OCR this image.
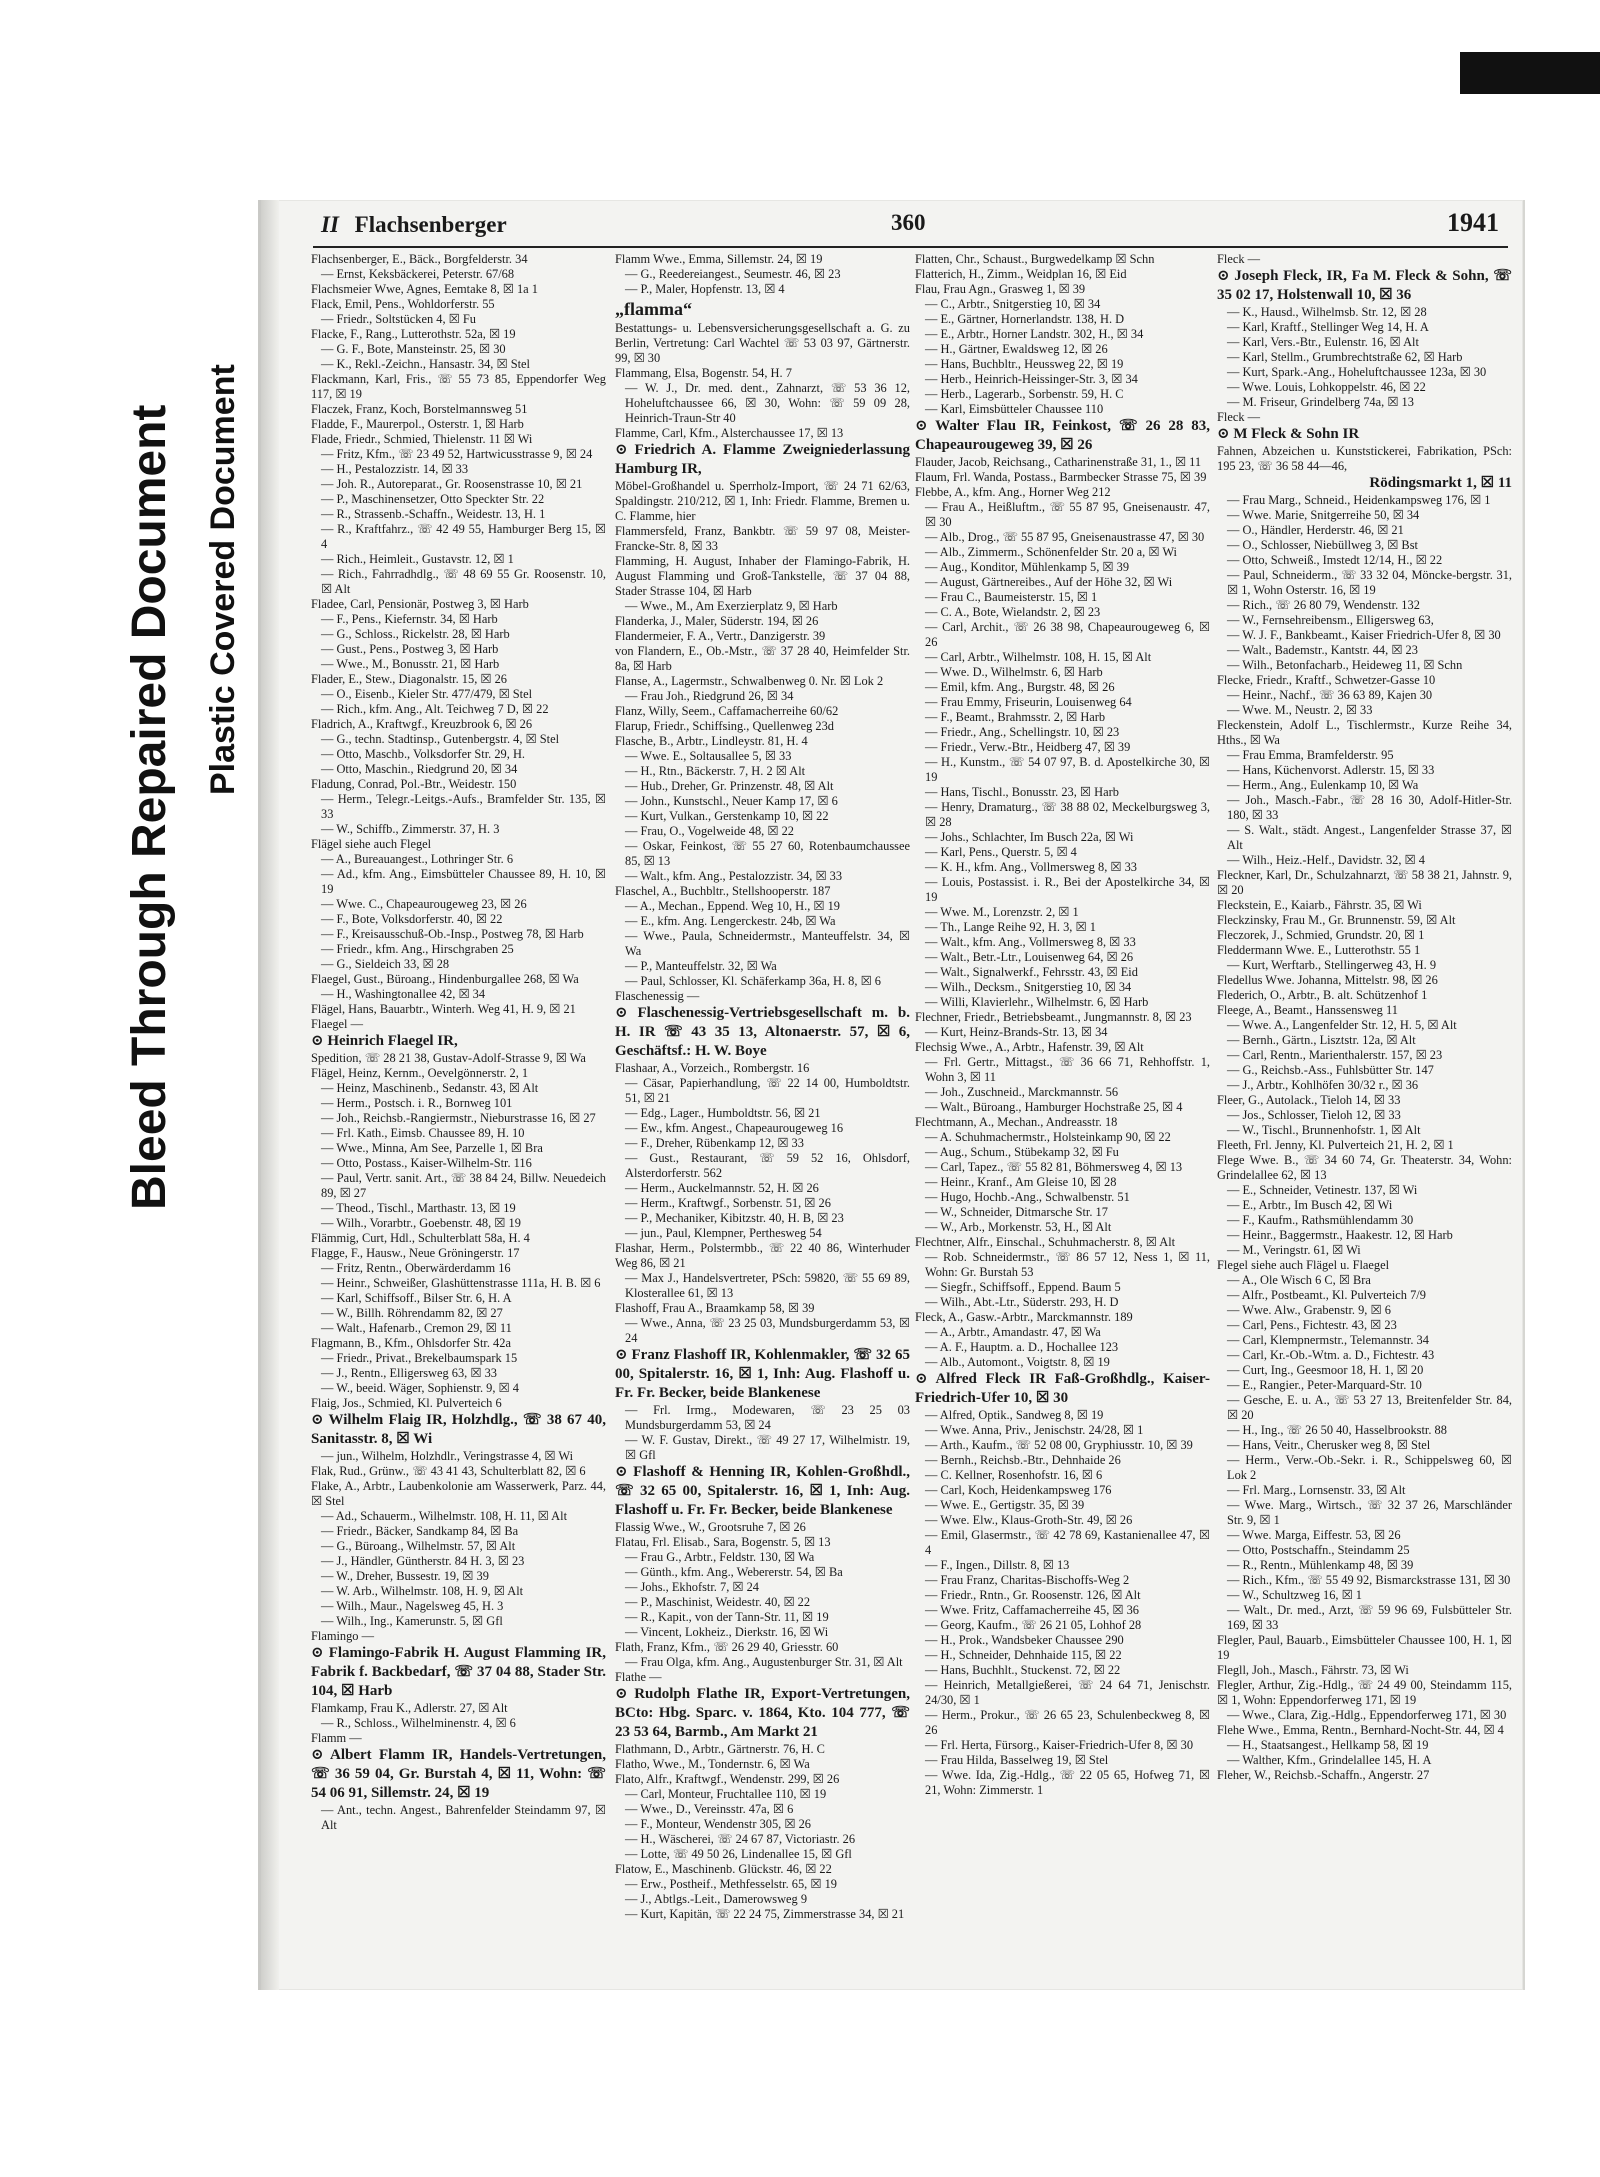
Bleed Through Repaired Document Plastic Covered Document
II Flachsenberger	360	1941

Flachsenberger, E., Bäck., Borgfelderstr. 34

— Ernst, Keksbäckerei, Peterstr. 67/68

Flachsmeier Wwe, Agnes, Eemtake 8, ☒ 1a 1

Flack, Emil, Pens., Wohldorferstr. 55

— Friedr., Soltstücken 4, ☒ Fu

Flacke, F., Rang., Lutterothstr. 52a, ☒ 19

— G. F., Bote, Mansteinstr. 25, ☒ 30

— K., Rekl.-Zeichn., Hansastr. 34, ☒ Stel

Flackmann, Karl, Fris., ☏ 55 73 85, Eppendorfer Weg 117, ☒ 19

Flaczek, Franz, Koch, Borstelmannsweg 51

Fladde, F., Maurerpol., Osterstr. 1, ☒ Harb

Flade, Friedr., Schmied, Thielenstr. 11 ☒ Wi

— Fritz, Kfm., ☏ 23 49 52, Hartwicusstrasse 9, ☒ 24

— H., Pestalozzistr. 14, ☒ 33

— Joh. R., Autoreparat., Gr. Roosenstrasse 10, ☒ 21

— P., Maschinensetzer, Otto Speckter Str. 22

— R., Strassenb.-Schaffn., Weidestr. 13, H. 1

— R., Kraftfahrz., ☏ 42 49 55, Hamburger Berg 15, ☒ 4

— Rich., Heimleit., Gustavstr. 12, ☒ 1

— Rich., Fahrradhdlg., ☏ 48 69 55 Gr. Roosenstr. 10, ☒ Alt

Fladee, Carl, Pensionär, Postweg 3, ☒ Harb

— F., Pens., Kiefernstr. 34, ☒ Harb

— G., Schloss., Rickelstr. 28, ☒ Harb

— Gust., Pens., Postweg 3, ☒ Harb

— Wwe., M., Bonusstr. 21, ☒ Harb

Flader, E., Stew., Diagonalstr. 15, ☒ 26

— O., Eisenb., Kieler Str. 477/479, ☒ Stel

— Rich., kfm. Ang., Alt. Teichweg 7 D, ☒ 22

Fladrich, A., Kraftwgf., Kreuzbrook 6, ☒ 26

— G., techn. Stadtinsp., Gutenbergstr. 4, ☒ Stel

— Otto, Maschb., Volksdorfer Str. 29, H.

— Otto, Maschin., Riedgrund 20, ☒ 34

Fladung, Conrad, Pol.-Btr., Weidestr. 150

— Herm., Telegr.-Leitgs.-Aufs., Bramfelder Str. 135, ☒ 33

— W., Schiffb., Zimmerstr. 37, H. 3

Flägel siehe auch Flegel

— A., Bureauangest., Lothringer Str. 6

— Ad., kfm. Ang., Eimsbütteler Chaussee 89, H. 10, ☒ 19

— Wwe. C., Chapeaurougeweg 23, ☒ 26

— F., Bote, Volksdorferstr. 40, ☒ 22

— F., Kreisausschuß-Ob.-Insp., Postweg 78, ☒ Harb

— Friedr., kfm. Ang., Hirschgraben 25

— G., Sieldeich 33, ☒ 28

Flaegel, Gust., Büroang., Hindenburgallee 268, ☒ Wa

— H., Washingtonallee 42, ☒ 34

Flägel, Hans, Bauarbtr., Winterh. Weg 41, H. 9, ☒ 21

Flaegel —

⊙ Heinrich Flaegel IR,

Spedition, ☏ 28 21 38, Gustav-Adolf-Strasse 9, ☒ Wa

Flägel, Heinz, Kernm., Oevelgönnerstr. 2, 1

— Heinz, Maschinenb., Sedanstr. 43, ☒ Alt

— Herm., Postsch. i. R., Bornweg 101

— Joh., Reichsb.-Rangiermstr., Nieburstrasse 16, ☒ 27

— Frl. Kath., Eimsb. Chaussee 89, H. 10

— Wwe., Minna, Am See, Parzelle 1, ☒ Bra

— Otto, Postass., Kaiser-Wilhelm-Str. 116

— Paul, Vertr. sanit. Art., ☏ 38 84 24, Billw. Neuedeich 89, ☒ 27

— Theod., Tischl., Marthastr. 13, ☒ 19

— Wilh., Vorarbtr., Goebenstr. 48, ☒ 19

Flämmig, Curt, Hdl., Schulterblatt 58a, H. 4

Flagge, F., Hausw., Neue Gröningerstr. 17

— Fritz, Rentn., Oberwärderdamm 16

— Heinr., Schweißer, Glashüttenstrasse 111a, H. B. ☒ 6

— Karl, Schiffsoff., Bilser Str. 6, H. A

— W., Billh. Röhrendamm 82, ☒ 27

— Walt., Hafenarb., Cremon 29, ☒ 11

Flagmann, B., Kfm., Ohlsdorfer Str. 42a

— Friedr., Privat., Brekelbaumspark 15

— J., Rentn., Elligersweg 63, ☒ 33

— W., beeid. Wäger, Sophienstr. 9, ☒ 4

Flaig, Jos., Schmied, Kl. Pulverteich 6

⊙ Wilhelm Flaig IR, Holzhdlg., ☏ 38 67 40, Sanitasstr. 8, ☒ Wi

— jun., Wilhelm, Holzhdlr., Veringstrasse 4, ☒ Wi

Flak, Rud., Grünw., ☏ 43 41 43, Schulterblatt 82, ☒ 6

Flake, A., Arbtr., Laubenkolonie am Wasserwerk, Parz. 44, ☒ Stel

— Ad., Schauerm., Wilhelmstr. 108, H. 11, ☒ Alt

— Friedr., Bäcker, Sandkamp 84, ☒ Ba

— G., Büroang., Wilhelmstr. 57, ☒ Alt

— J., Händler, Güntherstr. 84 H. 3, ☒ 23

— W., Dreher, Bussestr. 19, ☒ 39

— W. Arb., Wilhelmstr. 108, H. 9, ☒ Alt

— Wilh., Maur., Nagelsweg 45, H. 3

— Wilh., Ing., Kamerunstr. 5, ☒ Gfl

Flamingo —

⊙ Flamingo-Fabrik H. August Flamming IR, Fabrik f. Backbedarf, ☏ 37 04 88, Stader Str. 104, ☒ Harb

Flamkamp, Frau K., Adlerstr. 27, ☒ Alt

— R., Schloss., Wilhelminenstr. 4, ☒ 6

Flamm —

⊙ Albert Flamm IR, Handels-Vertretungen, ☏ 36 59 04, Gr. Burstah 4, ☒ 11, Wohn: ☏ 54 06 91, Sillemstr. 24, ☒ 19

— Ant., techn. Angest., Bahrenfelder Steindamm 97, ☒ Alt

Flamm Wwe., Emma, Sillemstr. 24, ☒ 19

— G., Reedereiangest., Seumestr. 46, ☒ 23

— P., Maler, Hopfenstr. 13, ☒ 4

„flamma“

Bestattungs- u. Lebensversicherungsgesellschaft a. G. zu Berlin, Vertretung: Carl Wachtel ☏ 53 03 97, Gärtnerstr. 99, ☒ 30

Flammang, Elsa, Bogenstr. 54, H. 7

— W. J., Dr. med. dent., Zahnarzt, ☏ 53 36 12, Hoheluftchaussee 66, ☒ 30, Wohn: ☏ 59 09 28, Heinrich-Traun-Str 40

Flamme, Carl, Kfm., Alsterchaussee 17, ☒ 13

⊙ Friedrich A. Flamme Zweigniederlassung Hamburg IR,

Möbel-Großhandel u. Sperrholz-Import, ☏ 24 71 62/63, Spaldingstr. 210/212, ☒ 1, Inh: Friedr. Flamme, Bremen u. C. Flamme, hier

Flammersfeld, Franz, Bankbtr. ☏ 59 97 08, Meister-Francke-Str. 8, ☒ 33

Flamming, H. August, Inhaber der Flamingo-Fabrik, H. August Flamming und Groß-Tankstelle, ☏ 37 04 88, Stader Strasse 104, ☒ Harb

— Wwe., M., Am Exerzierplatz 9, ☒ Harb

Flanderka, J., Maler, Süderstr. 194, ☒ 26

Flandermeier, F. A., Vertr., Danzigerstr. 39

von Flandern, E., Ob.-Mstr., ☏ 37 28 40, Heimfelder Str. 8a, ☒ Harb

Flanse, A., Lagermstr., Schwalbenweg 0. Nr. ☒ Lok 2

— Frau Joh., Riedgrund 26, ☒ 34

Flanz, Willy, Seem., Caffamacherreihe 60/62

Flarup, Friedr., Schiffsing., Quellenweg 23d

Flasche, B., Arbtr., Lindleystr. 81, H. 4

— Wwe. E., Soltausallee 5, ☒ 33

— H., Rtn., Bäckerstr. 7, H. 2 ☒ Alt

— Hub., Dreher, Gr. Prinzenstr. 48, ☒ Alt

— John., Kunstschl., Neuer Kamp 17, ☒ 6

— Kurt, Vulkan., Gerstenkamp 10, ☒ 22

— Frau, O., Vogelweide 48, ☒ 22

— Oskar, Feinkost, ☏ 55 27 60, Rotenbaumchaussee 85, ☒ 13

— Walt., kfm. Ang., Pestalozzistr. 34, ☒ 33

Flaschel, A., Buchbltr., Stellshooperstr. 187

— A., Mechan., Eppend. Weg 10, H., ☒ 19

— E., kfm. Ang. Lengerckestr. 24b, ☒ Wa

— Wwe., Paula, Schneidermstr., Manteuffelstr. 34, ☒ Wa

— P., Manteuffelstr. 32, ☒ Wa

— Paul, Schlosser, Kl. Schäferkamp 36a, H. 8, ☒ 6

Flaschenessig —

⊙ Flaschenessig-Vertriebsgesellschaft m. b. H. IR ☏ 43 35 13, Altonaerstr. 57, ☒ 6, Geschäftsf.: H. W. Boye

Flashaar, A., Vorzeich., Rombergstr. 16

— Cäsar, Papierhandlung, ☏ 22 14 00, Humboldtstr. 51, ☒ 21

— Edg., Lager., Humboldtstr. 56, ☒ 21

— Ew., kfm. Angest., Chapeaurougeweg 16

— F., Dreher, Rübenkamp 12, ☒ 33

— Gust., Restaurant, ☏ 59 52 16, Ohlsdorf, Alsterdorferstr. 562

— Herm., Auckelmannstr. 52, H. ☒ 26

— Herm., Kraftwgf., Sorbenstr. 51, ☒ 26

— P., Mechaniker, Kibitzstr. 40, H. B, ☒ 23

— jun., Paul, Klempner, Perthesweg 54

Flashar, Herm., Polstermbb., ☏ 22 40 86, Winterhuder Weg 86, ☒ 21

— Max J., Handelsvertreter, PSch: 59820, ☏ 55 69 89, Klosterallee 61, ☒ 13

Flashoff, Frau A., Braamkamp 58, ☒ 39

— Wwe., Anna, ☏ 23 25 03, Mundsburgerdamm 53, ☒ 24

⊙ Franz Flashoff IR, Kohlenmakler, ☏ 32 65 00, Spitalerstr. 16, ☒ 1, Inh: Aug. Flashoff u. Fr. Fr. Becker, beide Blankenese

— Frl. Irmg., Modewaren, ☏ 23 25 03 Mundsburgerdamm 53, ☒ 24

— W. F. Gustav, Direkt., ☏ 49 27 17, Wilhelmistr. 19, ☒ Gfl

⊙ Flashoff & Henning IR, Kohlen-Großhdl., ☏ 32 65 00, Spitalerstr. 16, ☒ 1, Inh: Aug. Flashoff u. Fr. Fr. Becker, beide Blankenese

Flassig Wwe., W., Grootsruhe 7, ☒ 26

Flatau, Frl. Elisab., Sara, Bogenstr. 5, ☒ 13

— Frau G., Arbtr., Feldstr. 130, ☒ Wa

— Günth., kfm. Ang., Webererstr. 54, ☒ Ba

— Johs., Ekhofstr. 7, ☒ 24

— P., Maschinist, Weidestr. 40, ☒ 22

— R., Kapit., von der Tann-Str. 11, ☒ 19

— Vincent, Lokheiz., Dierkstr. 16, ☒ Wi

Flath, Franz, Kfm., ☏ 26 29 40, Griesstr. 60

— Frau Olga, kfm. Ang., Augustenburger Str. 31, ☒ Alt

Flathe —

⊙ Rudolph Flathe IR, Export-Vertretungen, BCto: Hbg. Sparc. v. 1864, Kto. 104 777, ☏ 23 53 64, Barmb., Am Markt 21

Flathmann, D., Arbtr., Gärtnerstr. 76, H. C

Flatho, Wwe., M., Tondernstr. 6, ☒ Wa

Flato, Alfr., Kraftwgf., Wendenstr. 299, ☒ 26

— Carl, Monteur, Fruchtallee 110, ☒ 19

— Wwe., D., Vereinsstr. 47a, ☒ 6

— F., Monteur, Wendenstr 305, ☒ 26

— H., Wäscherei, ☏ 24 67 87, Victoriastr. 26

— Lotte, ☏ 49 50 26, Lindenallee 15, ☒ Gfl

Flatow, E., Maschinenb. Glückstr. 46, ☒ 22

— Erw., Postheif., Methfesselstr. 65, ☒ 19

— J., Abtlgs.-Leit., Damerowsweg 9

— Kurt, Kapitän, ☏ 22 24 75, Zimmerstrasse 34, ☒ 21

Flatten, Chr., Schaust., Burgwedelkamp ☒ Schn

Flatterich, H., Zimm., Weidplan 16, ☒ Eid

Flau, Frau Agn., Grasweg 1, ☒ 39

— C., Arbtr., Snitgerstieg 10, ☒ 34

— E., Gärtner, Hornerlandstr. 138, H. D

— E., Arbtr., Horner Landstr. 302, H., ☒ 34

— H., Gärtner, Ewaldsweg 12, ☒ 26

— Hans, Buchbltr., Heussweg 22, ☒ 19

— Herb., Heinrich-Heissinger-Str. 3, ☒ 34

— Herb., Lagerarb., Sorbenstr. 59, H. C

— Karl, Eimsbütteler Chaussee 110

⊙ Walter Flau IR, Feinkost, ☏ 26 28 83, Chapeaurougeweg 39, ☒ 26

Flauder, Jacob, Reichsang., Catharinenstraße 31, 1., ☒ 11

Flaum, Frl. Wanda, Postass., Barmbecker Strasse 75, ☒ 39

Flebbe, A., kfm. Ang., Horner Weg 212

— Frau A., Heißluftm., ☏ 55 87 95, Gneisenaustr. 47, ☒ 30

— Alb., Drog., ☏ 55 87 95, Gneisenaustrasse 47, ☒ 30

— Alb., Zimmerm., Schönenfelder Str. 20 a, ☒ Wi

— Aug., Konditor, Mühlenkamp 5, ☒ 39

— August, Gärtnereibes., Auf der Höhe 32, ☒ Wi

— Frau C., Baumeisterstr. 15, ☒ 1

— C. A., Bote, Wielandstr. 2, ☒ 23

— Carl, Archit., ☏ 26 38 98, Chapeaurougeweg 6, ☒ 26

— Carl, Arbtr., Wilhelmstr. 108, H. 15, ☒ Alt

— Wwe. D., Wilhelmstr. 6, ☒ Harb

— Emil, kfm. Ang., Burgstr. 48, ☒ 26

— Frau Emmy, Friseurin, Louisenweg 64

— F., Beamt., Brahmsstr. 2, ☒ Harb

— Friedr., Ang., Schellingstr. 10, ☒ 23

— Friedr., Verw.-Btr., Heidberg 47, ☒ 39

— H., Kunstm., ☏ 54 07 97, B. d. Apostelkirche 30, ☒ 19

— Hans, Tischl., Bonusstr. 23, ☒ Harb

— Henry, Dramaturg., ☏ 38 88 02, Meckelburgsweg 3, ☒ 28

— Johs., Schlachter, Im Busch 22a, ☒ Wi

— Karl, Pens., Querstr. 5, ☒ 4

— K. H., kfm. Ang., Vollmersweg 8, ☒ 33

— Louis, Postassist. i. R., Bei der Apostelkirche 34, ☒ 19

— Wwe. M., Lorenzstr. 2, ☒ 1

— Th., Lange Reihe 92, H. 3, ☒ 1

— Walt., kfm. Ang., Vollmersweg 8, ☒ 33

— Walt., Betr.-Ltr., Louisenweg 64, ☒ 26

— Walt., Signalwerkf., Fehrsstr. 43, ☒ Eid

— Wilh., Decksm., Snitgerstieg 10, ☒ 34

— Willi, Klavierlehr., Wilhelmstr. 6, ☒ Harb

Flechner, Friedr., Betriebsbeamt., Jungmannstr. 8, ☒ 23

— Kurt, Heinz-Brands-Str. 13, ☒ 34

Flechsig Wwe., A., Arbtr., Hafenstr. 39, ☒ Alt

— Frl. Gertr., Mittagst., ☏ 36 66 71, Rehhoffstr. 1, Wohn 3, ☒ 11

— Joh., Zuschneid., Marckmannstr. 56

— Walt., Büroang., Hamburger Hochstraße 25, ☒ 4

Flechtmann, A., Mechan., Andreasstr. 18

— A. Schuhmachermstr., Holsteinkamp 90, ☒ 22

— Aug., Schum., Stübekamp 32, ☒ Fu

— Carl, Tapez., ☏ 55 82 81, Böhmersweg 4, ☒ 13

— Heinr., Kranf., Am Gleise 10, ☒ 28

— Hugo, Hochb.-Ang., Schwalbenstr. 51

— W., Schneider, Ditmarsche Str. 17

— W., Arb., Morkenstr. 53, H., ☒ Alt

Flechtner, Alfr., Einschal., Schuhmacherstr. 8, ☒ Alt

— Rob. Schneidermstr., ☏ 86 57 12, Ness 1, ☒ 11, Wohn: Gr. Burstah 53

— Siegfr., Schiffsoff., Eppend. Baum 5

— Wilh., Abt.-Ltr., Süderstr. 293, H. D

Fleck, A., Gasw.-Arbtr., Marckmannstr. 189

— A., Arbtr., Amandastr. 47, ☒ Wa

— A. F., Hauptm. a. D., Hochallee 123

— Alb., Automont., Voigtstr. 8, ☒ 19

⊙ Alfred Fleck IR Faß-Großhdlg., Kaiser-Friedrich-Ufer 10, ☒ 30

— Alfred, Optik., Sandweg 8, ☒ 19

— Wwe. Anna, Priv., Jenischstr. 24/28, ☒ 1

— Arth., Kaufm., ☏ 52 08 00, Gryphiusstr. 10, ☒ 39

— Bernh., Reichsb.-Btr., Dehnhaide 26

— C. Kellner, Rosenhofstr. 16, ☒ 6

— Carl, Koch, Heidenkampsweg 176

— Wwe. E., Gertigstr. 35, ☒ 39

— Wwe. Elw., Klaus-Groth-Str. 49, ☒ 26

— Emil, Glasermstr., ☏ 42 78 69, Kastanienallee 47, ☒ 4

— F., Ingen., Dillstr. 8, ☒ 13

— Frau Franz, Charitas-Bischoffs-Weg 2

— Friedr., Rntn., Gr. Roosenstr. 126, ☒ Alt

— Wwe. Fritz, Caffamacherreihe 45, ☒ 36

— Georg, Kaufm., ☏ 26 21 05, Lohhof 28

— H., Prok., Wandsbeker Chaussee 290

— H., Schneider, Dehnhaide 115, ☒ 22

— Hans, Buchhlt., Stuckenst. 72, ☒ 22

— Heinrich, Metallgießerei, ☏ 24 64 71, Jenischstr. 24/30, ☒ 1

— Herm., Prokur., ☏ 26 65 23, Schulenbeckweg 8, ☒ 26

— Frl. Herta, Fürsorg., Kaiser-Friedrich-Ufer 8, ☒ 30

— Frau Hilda, Basselweg 19, ☒ Stel

— Wwe. Ida, Zig.-Hdlg., ☏ 22 05 65, Hofweg 71, ☒ 21, Wohn: Zimmerstr. 1

Fleck —

⊙ Joseph Fleck, IR, Fa M. Fleck & Sohn, ☏ 35 02 17, Holstenwall 10, ☒ 36

— K., Hausd., Wilhelmsb. Str. 12, ☒ 28

— Karl, Kraftf., Stellinger Weg 14, H. A

— Karl, Vers.-Btr., Eulenstr. 16, ☒ Alt

— Karl, Stellm., Grumbrechtstraße 62, ☒ Harb

— Kurt, Spark.-Ang., Hoheluftchaussee 123a, ☒ 30

— Wwe. Louis, Lohkoppelstr. 46, ☒ 22

— M. Friseur, Grindelberg 74a, ☒ 13

Fleck —

⊙ M Fleck & Sohn IR

Fahnen, Abzeichen u. Kunststickerei, Fabrikation, PSch: 195 23, ☏ 36 58 44—46,

Rödingsmarkt 1, ☒ 11

— Frau Marg., Schneid., Heidenkampsweg 176, ☒ 1

— Wwe. Marie, Snitgerreihe 50, ☒ 34

— O., Händler, Herderstr. 46, ☒ 21

— O., Schlosser, Niebüllweg 3, ☒ Bst

— Otto, Schweiß., Imstedt 12/14, H., ☒ 22

— Paul, Schneiderm., ☏ 33 32 04, Möncke-bergstr. 31, ☒ 1, Wohn Osterstr. 16, ☒ 19

— Rich., ☏ 26 80 79, Wendenstr. 132

— W., Fernsehreibensm., Elligersweg 63,

— W. J. F., Bankbeamt., Kaiser Friedrich-Ufer 8, ☒ 30

— Walt., Bademstr., Kantstr. 44, ☒ 23

— Wilh., Betonfacharb., Heideweg 11, ☒ Schn

Flecke, Friedr., Kraftf., Schwetzer-Gasse 10

— Heinr., Nachf., ☏ 36 63 89, Kajen 30

— Wwe. M., Neustr. 2, ☒ 33

Fleckenstein, Adolf L., Tischlermstr., Kurze Reihe 34, Hths., ☒ Wa

— Frau Emma, Bramfelderstr. 95

— Hans, Küchenvorst. Adlerstr. 15, ☒ 33

— Herm., Ang., Eulenkamp 10, ☒ Wa

— Joh., Masch.-Fabr., ☏ 28 16 30, Adolf-Hitler-Str. 180, ☒ 33

— S. Walt., städt. Angest., Langenfelder Strasse 37, ☒ Alt

— Wilh., Heiz.-Helf., Davidstr. 32, ☒ 4

Fleckner, Karl, Dr., Schulzahnarzt, ☏ 58 38 21, Jahnstr. 9, ☒ 20

Fleckstein, E., Kaiarb., Fährstr. 35, ☒ Wi

Fleckzinsky, Frau M., Gr. Brunnenstr. 59, ☒ Alt

Fleczorek, J., Schmied, Grundstr. 20, ☒ 1

Fleddermann Wwe. E., Lutterothstr. 55 1

— Kurt, Werftarb., Stellingerweg 43, H. 9

Fledellus Wwe. Johanna, Mittelstr. 98, ☒ 26

Flederich, O., Arbtr., B. alt. Schützenhof 1

Fleege, A., Beamt., Hanssensweg 11

— Wwe. A., Langenfelder Str. 12, H. 5, ☒ Alt

— Bernh., Gärtn., Lisztstr. 12a, ☒ Alt

— Carl, Rentn., Marienthalerstr. 157, ☒ 23

— G., Reichsb.-Ass., Fuhlsbütter Str. 147

— J., Arbtr., Kohlhöfen 30/32 r., ☒ 36

Fleer, G., Autolack., Tieloh 14, ☒ 33

— Jos., Schlosser, Tieloh 12, ☒ 33

— W., Tischl., Brunnenhofstr. 1, ☒ Alt

Fleeth, Frl. Jenny, Kl. Pulverteich 21, H. 2, ☒ 1

Flege Wwe. B., ☏ 34 60 74, Gr. Theaterstr. 34, Wohn: Grindelallee 62, ☒ 13

— E., Schneider, Vetinestr. 137, ☒ Wi

— E., Arbtr., Im Busch 42, ☒ Wi

— F., Kaufm., Rathsmühlendamm 30

— Heinr., Baggermstr., Haakestr. 12, ☒ Harb

— M., Veringstr. 61, ☒ Wi

Flegel siehe auch Flägel u. Flaegel

— A., Ole Wisch 6 C, ☒ Bra

— Alfr., Postbeamt., Kl. Pulverteich 7/9

— Wwe. Alw., Grabenstr. 9, ☒ 6

— Carl, Pens., Fichtestr. 43, ☒ 23

— Carl, Klempnermstr., Telemannstr. 34

— Carl, Kr.-Ob.-Wtm. a. D., Fichtestr. 43

— Curt, Ing., Geesmoor 18, H. 1, ☒ 20

— E., Rangier., Peter-Marquard-Str. 10

— Gesche, E. u. A., ☏ 53 27 13, Breitenfelder Str. 84, ☒ 20

— H., Ing., ☏ 26 50 40, Hasselbrookstr. 88

— Hans, Veitr., Cherusker weg 8, ☒ Stel

— Herm., Verw.-Ob.-Sekr. i. R., Schippelsweg 60, ☒ Lok 2

— Frl. Marg., Lornsenstr. 33, ☒ Alt

— Wwe. Marg., Wirtsch., ☏ 32 37 26, Marschländer Str. 9, ☒ 1

— Wwe. Marga, Eiffestr. 53, ☒ 26

— Otto, Postschaffn., Steindamm 25

— R., Rentn., Mühlenkamp 48, ☒ 39

— Rich., Kfm., ☏ 55 49 92, Bismarckstrasse 131, ☒ 30

— W., Schultzweg 16, ☒ 1

— Walt., Dr. med., Arzt, ☏ 59 96 69, Fulsbütteler Str. 169, ☒ 33

Flegler, Paul, Bauarb., Eimsbütteler Chaussee 100, H. 1, ☒ 19

Flegll, Joh., Masch., Fährstr. 73, ☒ Wi

Flegler, Arthur, Zig.-Hdlg., ☏ 24 49 00, Steindamm 115, ☒ 1, Wohn: Eppendorferweg 171, ☒ 19

— Wwe., Clara, Zig.-Hdlg., Eppendorferweg 171, ☒ 30

Flehe Wwe., Emma, Rentn., Bernhard-Nocht-Str. 44, ☒ 4

— H., Staatsangest., Hellkamp 58, ☒ 19

— Walther, Kfm., Grindelallee 145, H. A

Fleher, W., Reichsb.-Schaffn., Angerstr. 27
